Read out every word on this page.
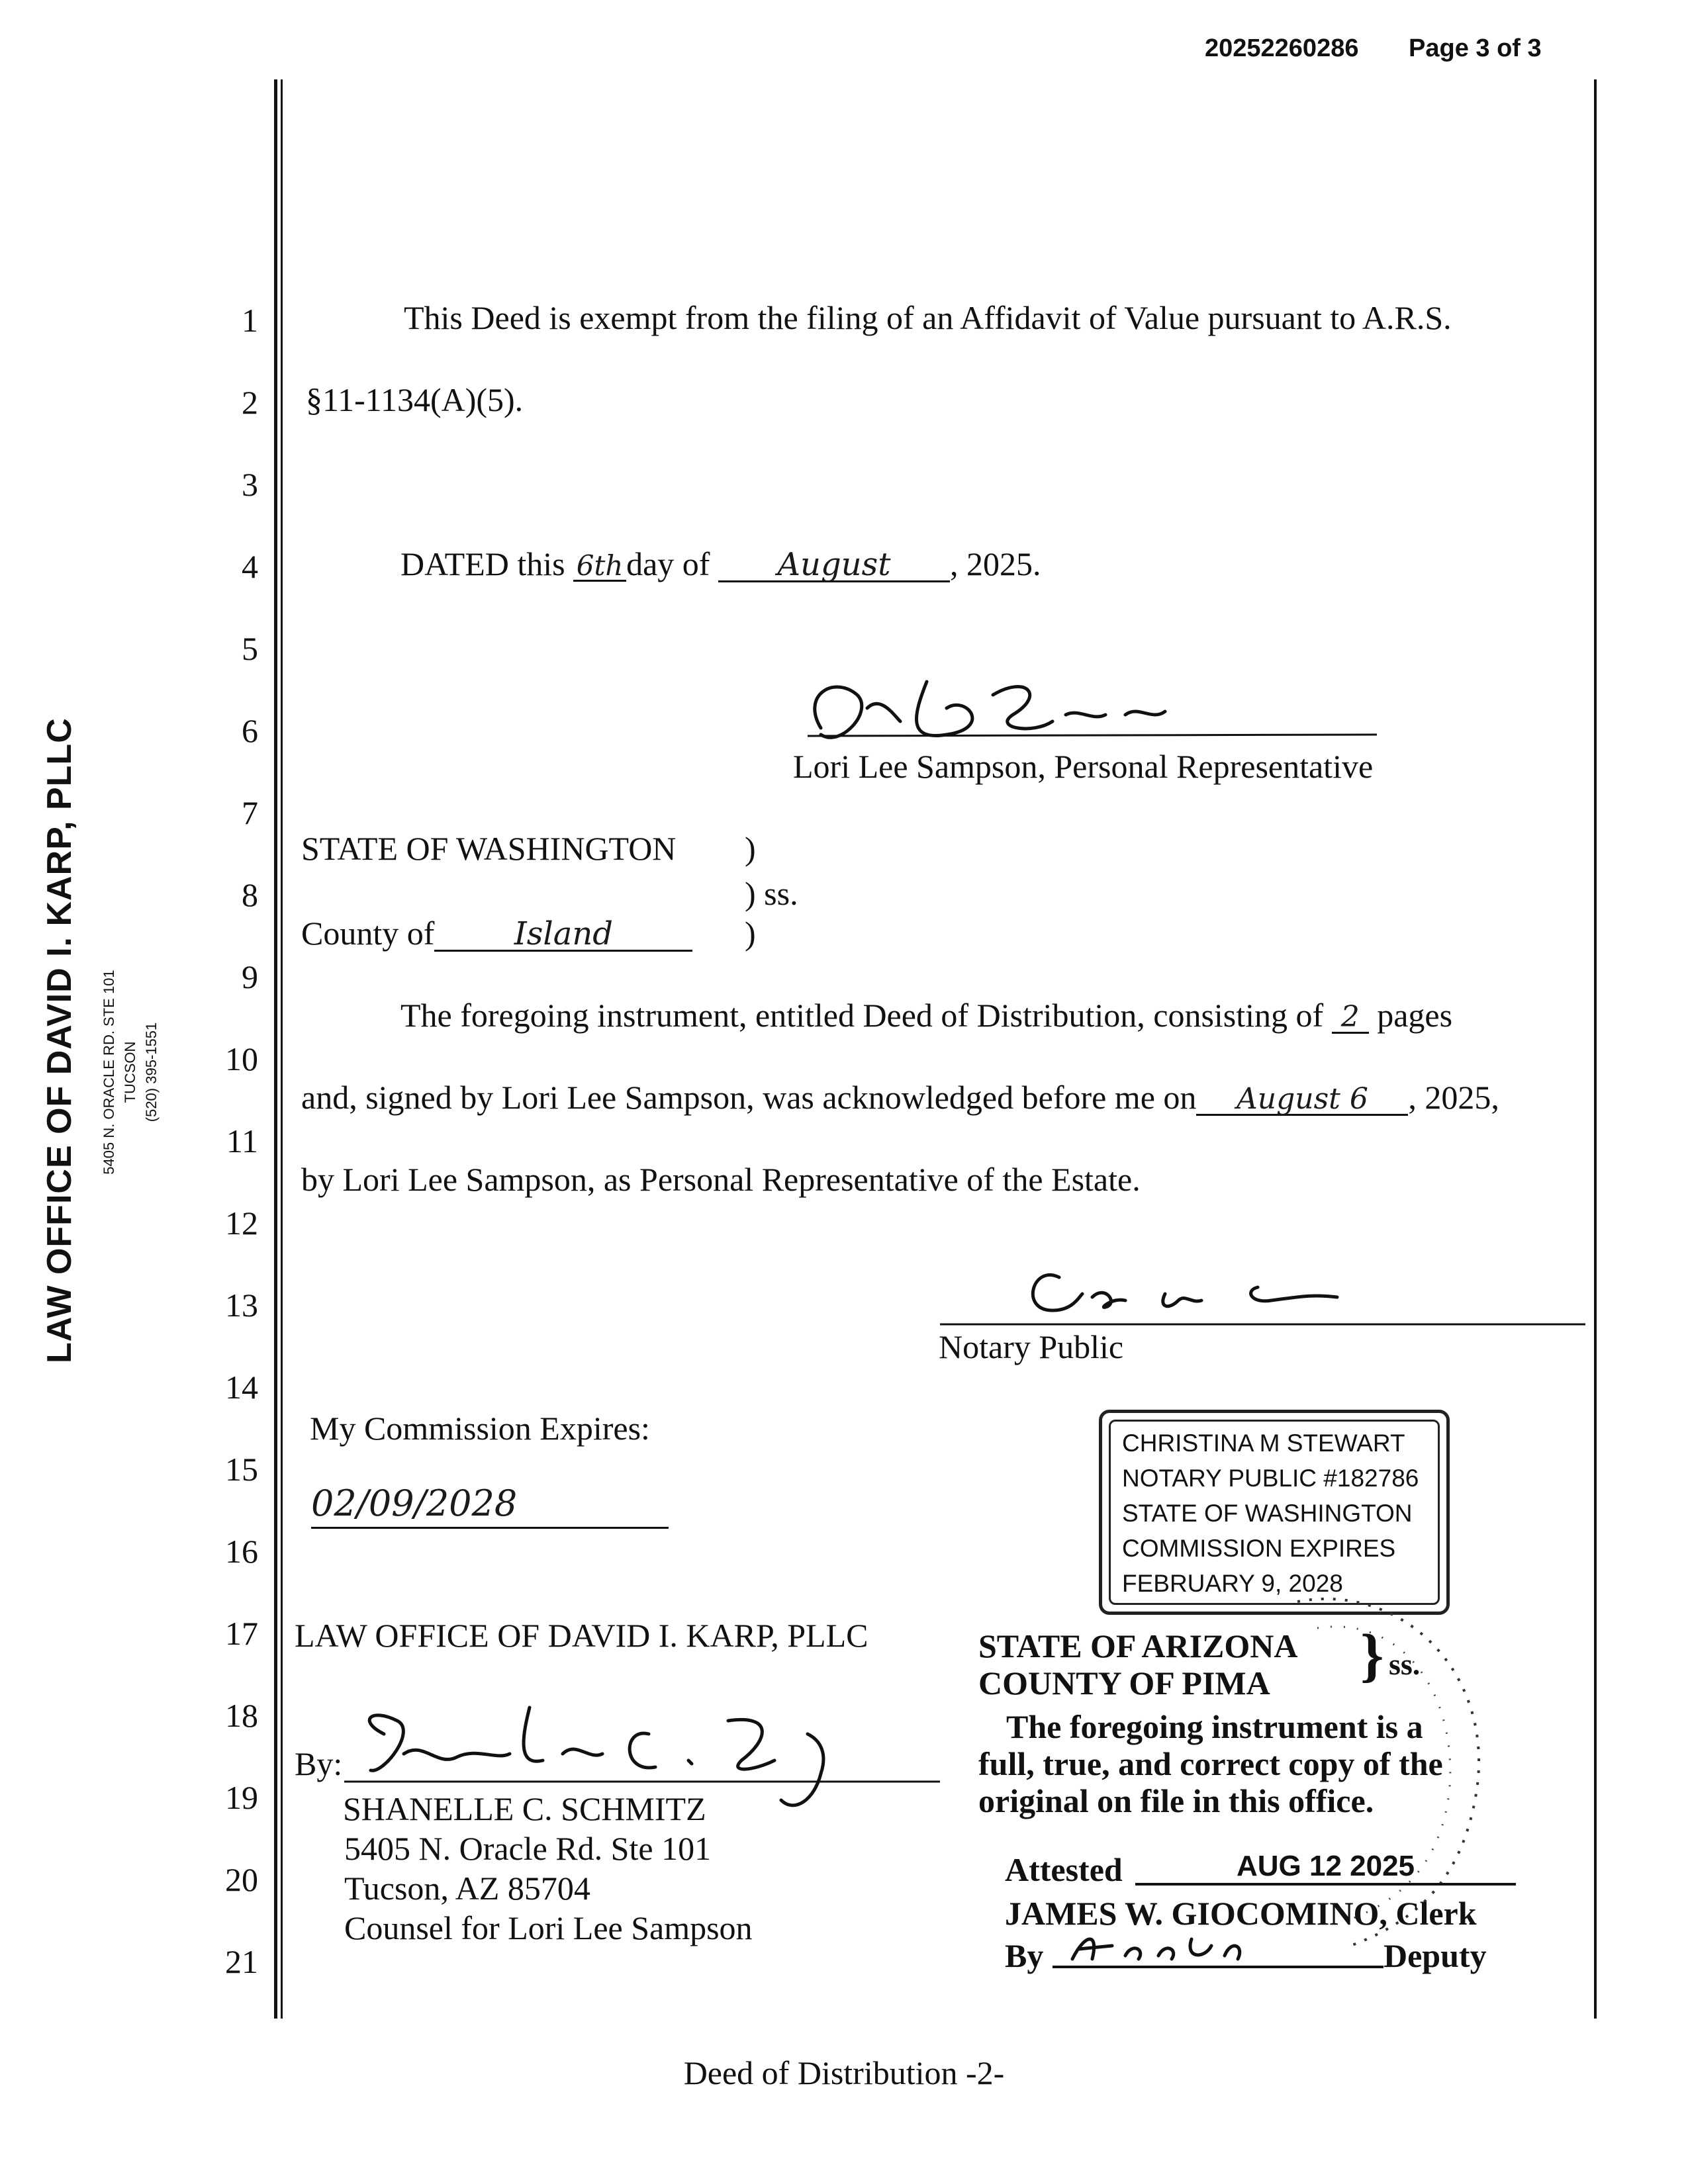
20252260286 Page 3 of 3
LAW OFFICE OF DAVID I. KARP, PLLC 5405 N. ORACLE RD. STE 101 TUCSON (520) 395-1551
1
2
3
4
5
6
7
8
9
10
11
12
13
14
15
16
17
18
19
20
21
This Deed is exempt from the filing of an Affidavit of Value pursuant to A.R.S.
§11-1134(A)(5).
DATED this 6thday of August , 2025.
Lori Lee Sampson, Personal Representative
STATE OF WASHINGTON )
) ss.
County of	Island	)
The foregoing instrument, entitled Deed of Distribution, consisting of 2 pages
and, signed by Lori Lee Sampson, was acknowledged before me on August 6 , 2025,
by Lori Lee Sampson, as Personal Representative of the Estate.
Notary Public
My Commission Expires:
02/09/2028
CHRISTINA M STEWART
NOTARY PUBLIC #182786
STATE OF WASHINGTON
COMMISSION EXPIRES
FEBRUARY 9, 2028
LAW OFFICE OF DAVID I. KARP, PLLC
By:
SHANELLE C. SCHMITZ
5405 N. Oracle Rd. Ste 101
Tucson, AZ 85704
Counsel for Lori Lee Sampson
STATE OF ARIZONA
COUNTY OF PIMA } ss.
The foregoing instrument is a
full, true, and correct copy of the
original on file in this office.
Attested	AUG 12 2025
JAMES W. GIOCOMINO, Clerk
By	Deputy
Deed of Distribution -2-
